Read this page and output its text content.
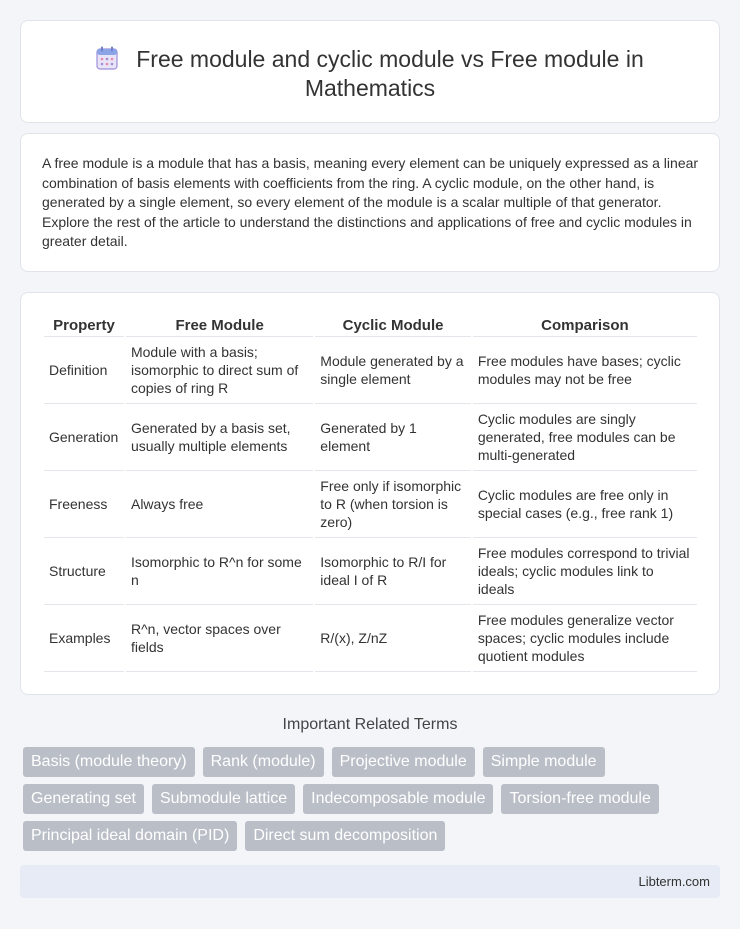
Free module and cyclic module vs Free module in
Mathematics

A free module is a module that has a basis, meaning every element can be uniquely expressed as a linear combination of basis elements with coefficients from the ring. A cyclic module, on the other hand, is generated by a single element, so every element of the module is a scalar multiple of that generator. Explore the rest of the article to understand the distinctions and applications of free and cyclic modules in greater detail.

Property	Free Module	Cyclic Module	Comparison
Definition	Module with a basis; isomorphic to direct sum of copies of ring R	Module generated by a single element	Free modules have bases; cyclic modules may not be free
Generation	Generated by a basis set, usually multiple elements	Generated by 1 element	Cyclic modules are singly generated, free modules can be multi-generated
Freeness	Always free	Free only if isomorphic to R (when torsion is zero)	Cyclic modules are free only in special cases (e.g., free rank 1)
Structure	Isomorphic to R^n for some n	Isomorphic to R/I for ideal I of R	Free modules correspond to trivial ideals; cyclic modules link to ideals
Examples	R^n, vector spaces over fields	R/(x), Z/nZ	Free modules generalize vector spaces; cyclic modules include quotient modules
Important Related Terms
Basis (module theory)	Rank (module)	Projective module	Simple module
Generating set	Submodule lattice	Indecomposable module	Torsion-free module
Principal ideal domain (PID)	Direct sum decomposition
Libterm.com
